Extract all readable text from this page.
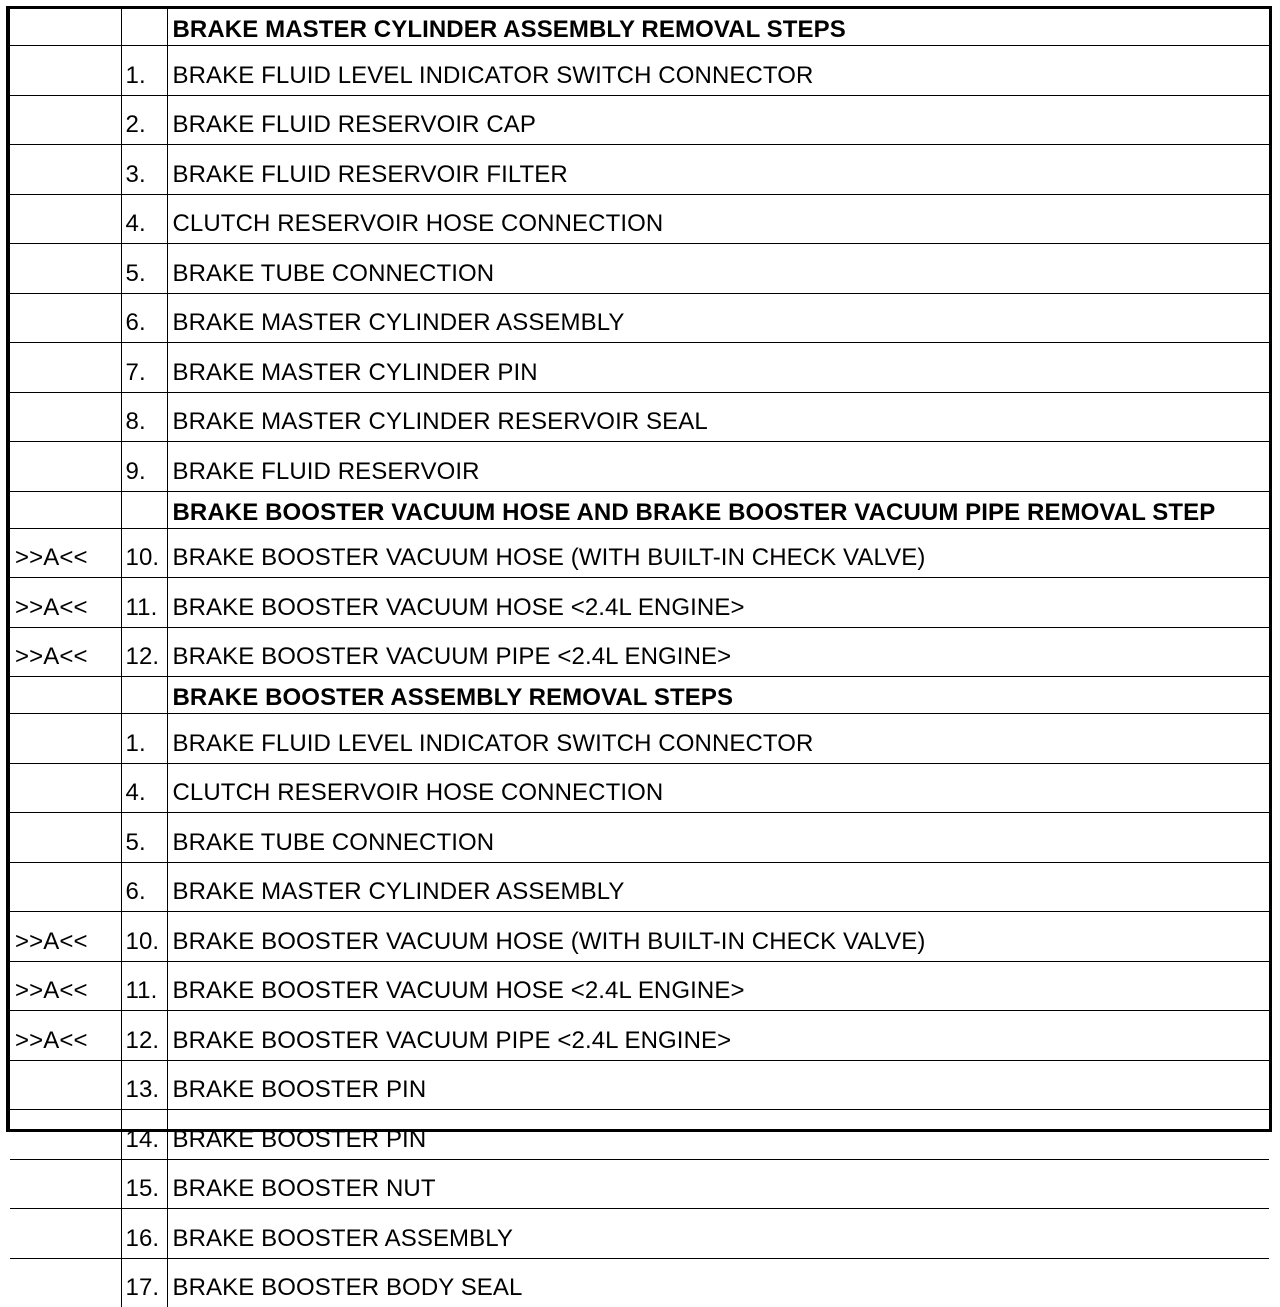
		BRAKE MASTER CYLINDER ASSEMBLY REMOVAL STEPS
	1.	BRAKE FLUID LEVEL INDICATOR SWITCH CONNECTOR
	2.	BRAKE FLUID RESERVOIR CAP
	3.	BRAKE FLUID RESERVOIR FILTER
	4.	CLUTCH RESERVOIR HOSE CONNECTION
	5.	BRAKE TUBE CONNECTION
	6.	BRAKE MASTER CYLINDER ASSEMBLY
	7.	BRAKE MASTER CYLINDER PIN
	8.	BRAKE MASTER CYLINDER RESERVOIR SEAL
	9.	BRAKE FLUID RESERVOIR
		BRAKE BOOSTER VACUUM HOSE AND BRAKE BOOSTER VACUUM PIPE REMOVAL STEP
>>A<<	10.	BRAKE BOOSTER VACUUM HOSE (WITH BUILT-IN CHECK VALVE)
>>A<<	11.	BRAKE BOOSTER VACUUM HOSE <2.4L ENGINE>
>>A<<	12.	BRAKE BOOSTER VACUUM PIPE <2.4L ENGINE>
		BRAKE BOOSTER ASSEMBLY REMOVAL STEPS
	1.	BRAKE FLUID LEVEL INDICATOR SWITCH CONNECTOR
	4.	CLUTCH RESERVOIR HOSE CONNECTION
	5.	BRAKE TUBE CONNECTION
	6.	BRAKE MASTER CYLINDER ASSEMBLY
>>A<<	10.	BRAKE BOOSTER VACUUM HOSE (WITH BUILT-IN CHECK VALVE)
>>A<<	11.	BRAKE BOOSTER VACUUM HOSE <2.4L ENGINE>
>>A<<	12.	BRAKE BOOSTER VACUUM PIPE <2.4L ENGINE>
	13.	BRAKE BOOSTER PIN
	14.	BRAKE BOOSTER PIN
	15.	BRAKE BOOSTER NUT
	16.	BRAKE BOOSTER ASSEMBLY
	17.	BRAKE BOOSTER BODY SEAL
